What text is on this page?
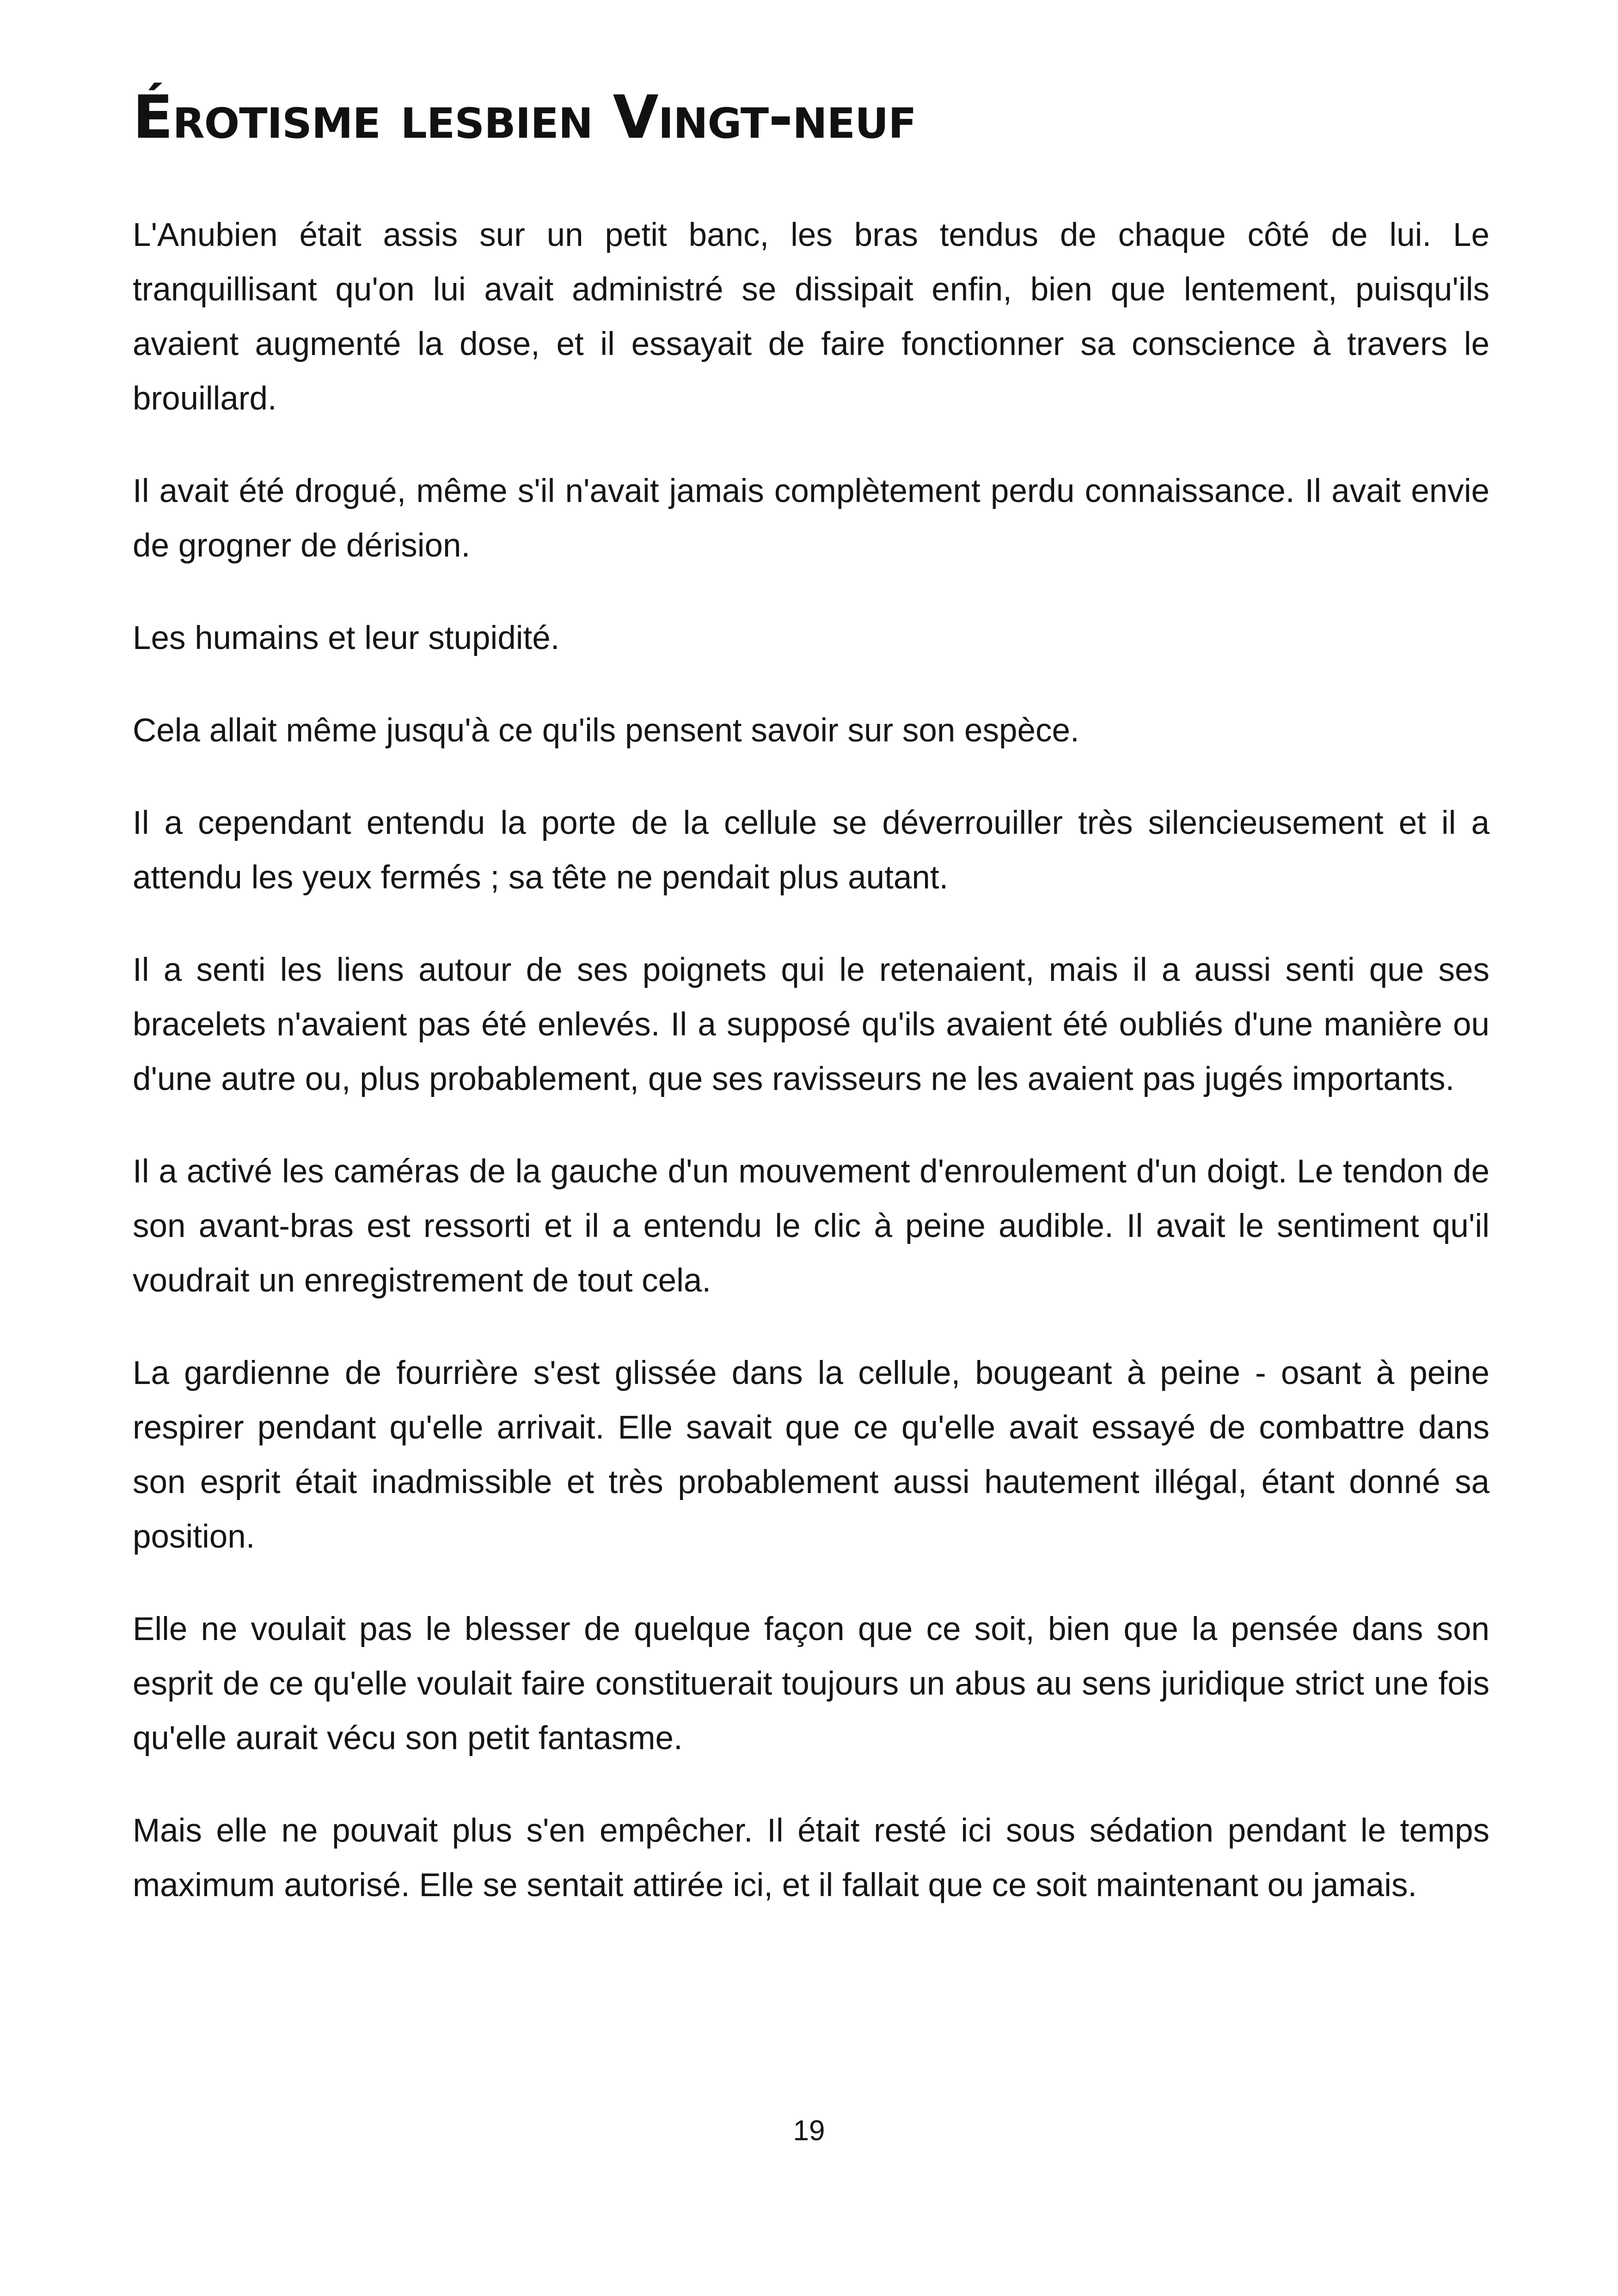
Érotisme lesbien Vingt-neuf

L'Anubien était assis sur un petit banc, les bras tendus de chaque côté de lui. Le tranquillisant qu'on lui avait administré se dissipait enfin, bien que lentement, puisqu'ils avaient augmenté la dose, et il essayait de faire fonctionner sa conscience à travers le brouillard.

Il avait été drogué, même s'il n'avait jamais complètement perdu connaissance. Il avait envie de grogner de dérision.

Les humains et leur stupidité.

Cela allait même jusqu'à ce qu'ils pensent savoir sur son espèce.

Il a cependant entendu la porte de la cellule se déverrouiller très silencieusement et il a attendu les yeux fermés ; sa tête ne pendait plus autant.

Il a senti les liens autour de ses poignets qui le retenaient, mais il a aussi senti que ses bracelets n'avaient pas été enlevés. Il a supposé qu'ils avaient été oubliés d'une manière ou d'une autre ou, plus probablement, que ses ravisseurs ne les avaient pas jugés importants.

Il a activé les caméras de la gauche d'un mouvement d'enroulement d'un doigt. Le tendon de son avant-bras est ressorti et il a entendu le clic à peine audible. Il avait le sentiment qu'il voudrait un enregistrement de tout cela.

La gardienne de fourrière s'est glissée dans la cellule, bougeant à peine - osant à peine respirer pendant qu'elle arrivait. Elle savait que ce qu'elle avait essayé de combattre dans son esprit était inadmissible et très probablement aussi hautement illégal, étant donné sa position.

Elle ne voulait pas le blesser de quelque façon que ce soit, bien que la pensée dans son esprit de ce qu'elle voulait faire constituerait toujours un abus au sens juridique strict une fois qu'elle aurait vécu son petit fantasme.

Mais elle ne pouvait plus s'en empêcher. Il était resté ici sous sédation pendant le temps maximum autorisé. Elle se sentait attirée ici, et il fallait que ce soit maintenant ou jamais.

19
